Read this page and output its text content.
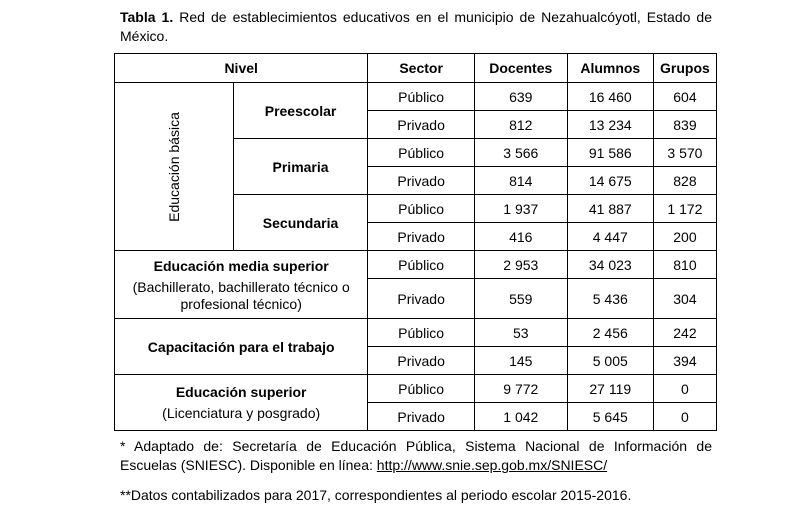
Tabla 1. Red de establecimientos educativos en el municipio de Nezahualcóyotl, Estado de México.
Nivel		Sector	Docentes	Alumnos	Grupos
Educación básica	Preescolar	Público	639	16 460	604
		Privado	812	13 234	839
	Primaria	Público	3 566	91 586	3 570
		Privado	814	14 675	828
	Secundaria	Público	1 937	41 887	1 172
		Privado	416	4 447	200

Educación media superior
(Bachillerato, bachillerato técnico o profesional técnico)		Público	2 953	34 023	810
		Privado	559	5 436	304
Capacitación para el trabajo		Público	53	2 456	242
		Privado	145	5 005	394

Educación superior
(Licenciatura y posgrado)		Público	9 772	27 119	0
		Privado	1 042	5 645	0
* Adaptado de: Secretaría de Educación Pública, Sistema Nacional de Información de Escuelas (SNIESC). Disponible en línea: http://www.snie.sep.gob.mx/SNIESC/
**Datos contabilizados para 2017, correspondientes al periodo escolar 2015-2016.
